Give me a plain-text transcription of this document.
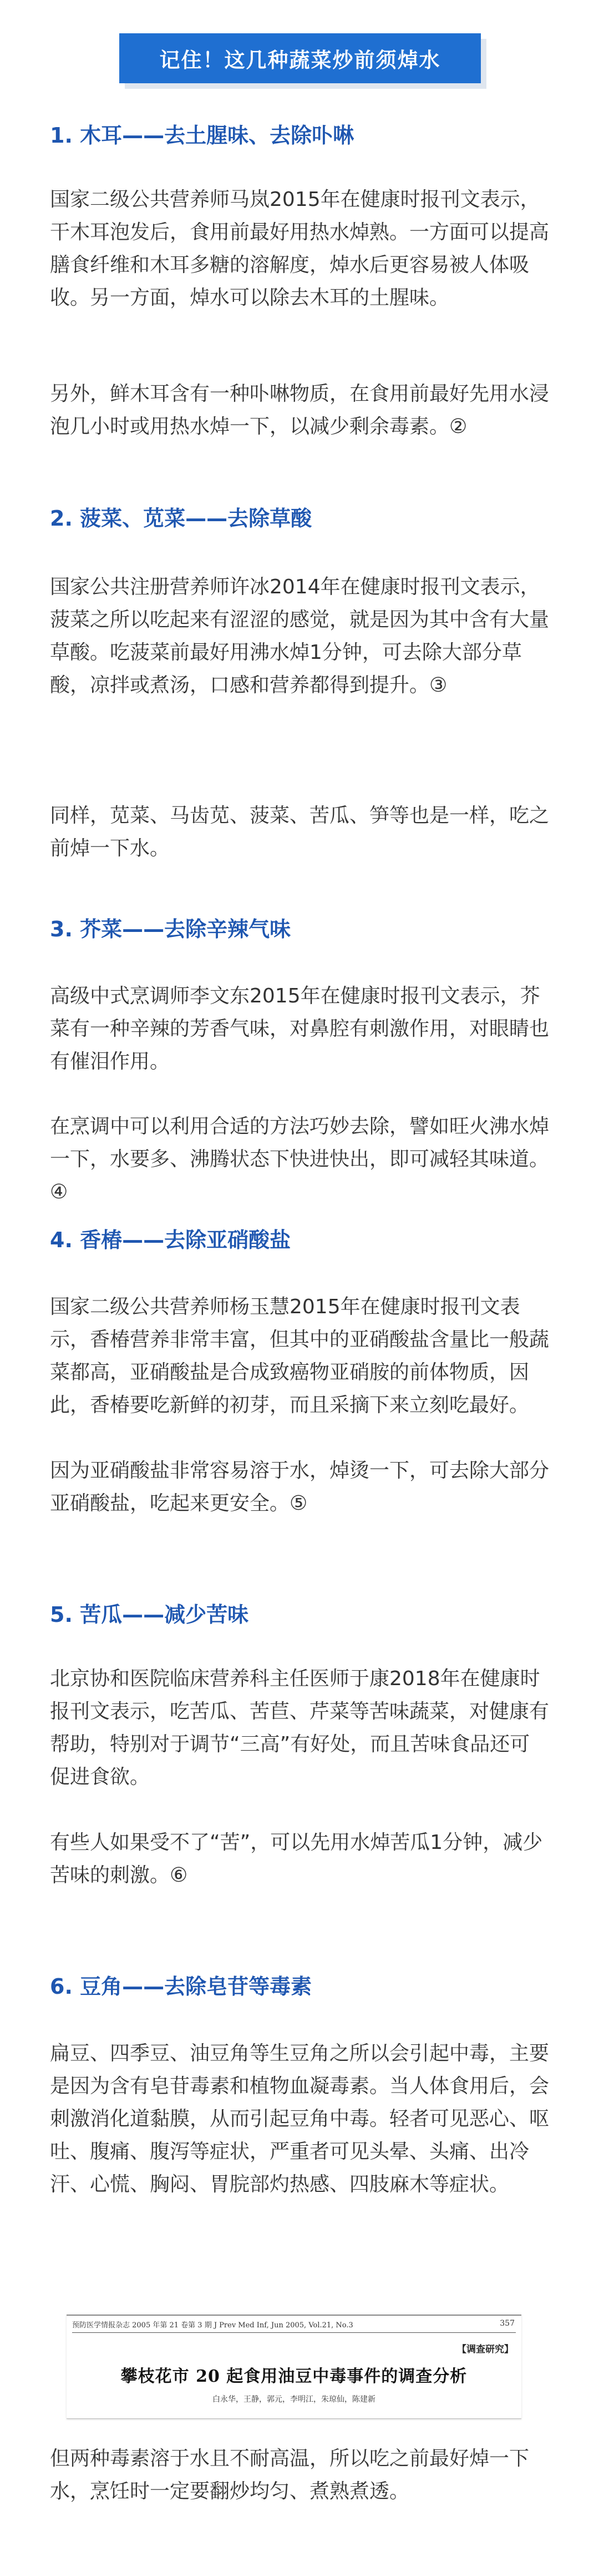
记住！这几种蔬菜炒前须焯水
1. 木耳——去土腥味、去除卟啉
国家二级公共营养师马岚2015年在健康时报刊文表示，干木耳泡发后，食用前最好用热水焯熟。一方面可以提高膳食纤维和木耳多糖的溶解度，焯水后更容易被人体吸收。另一方面，焯水可以除去木耳的土腥味。
另外，鲜木耳含有一种卟啉物质，在食用前最好先用水浸泡几小时或用热水焯一下，以减少剩余毒素。②
2. 菠菜、苋菜——去除草酸
国家公共注册营养师许冰2014年在健康时报刊文表示，菠菜之所以吃起来有涩涩的感觉，就是因为其中含有大量草酸。吃菠菜前最好用沸水焯1分钟，可去除大部分草酸，凉拌或煮汤，口感和营养都得到提升。③
同样，苋菜、马齿苋、菠菜、苦瓜、笋等也是一样，吃之前焯一下水。
3. 芥菜——去除辛辣气味
高级中式烹调师李文东2015年在健康时报刊文表示，芥菜有一种辛辣的芳香气味，对鼻腔有刺激作用，对眼睛也有催泪作用。
在烹调中可以利用合适的方法巧妙去除，譬如旺火沸水焯一下，水要多、沸腾状态下快进快出，即可减轻其味道。④
4. 香椿——去除亚硝酸盐
国家二级公共营养师杨玉慧2015年在健康时报刊文表示，香椿营养非常丰富，但其中的亚硝酸盐含量比一般蔬菜都高，亚硝酸盐是合成致癌物亚硝胺的前体物质，因此，香椿要吃新鲜的初芽，而且采摘下来立刻吃最好。
因为亚硝酸盐非常容易溶于水，焯烫一下，可去除大部分亚硝酸盐，吃起来更安全。⑤
5. 苦瓜——减少苦味
北京协和医院临床营养科主任医师于康2018年在健康时报刊文表示，吃苦瓜、苦苣、芹菜等苦味蔬菜，对健康有帮助，特别对于调节“三高”有好处，而且苦味食品还可促进食欲。
有些人如果受不了“苦”，可以先用水焯苦瓜1分钟，减少苦味的刺激。⑥
6. 豆角——去除皂苷等毒素
扁豆、四季豆、油豆角等生豆角之所以会引起中毒，主要是因为含有皂苷毒素和植物血凝毒素。当人体食用后，会刺激消化道黏膜，从而引起豆角中毒。轻者可见恶心、呕吐、腹痛、腹泻等症状，严重者可见头晕、头痛、出冷汗、心慌、胸闷、胃脘部灼热感、四肢麻木等症状。
预防医学情报杂志 2005 年第 21 卷第 3 期 J Prev Med Inf, Jun 2005, Vol.21, No.3	357
【调查研究】
攀枝花市 20 起食用油豆中毒事件的调查分析
白永华，王静，郭元，李明江，朱琼仙，陈建新
但两种毒素溶于水且不耐高温，所以吃之前最好焯一下水，烹饪时一定要翻炒均匀、煮熟煮透。
